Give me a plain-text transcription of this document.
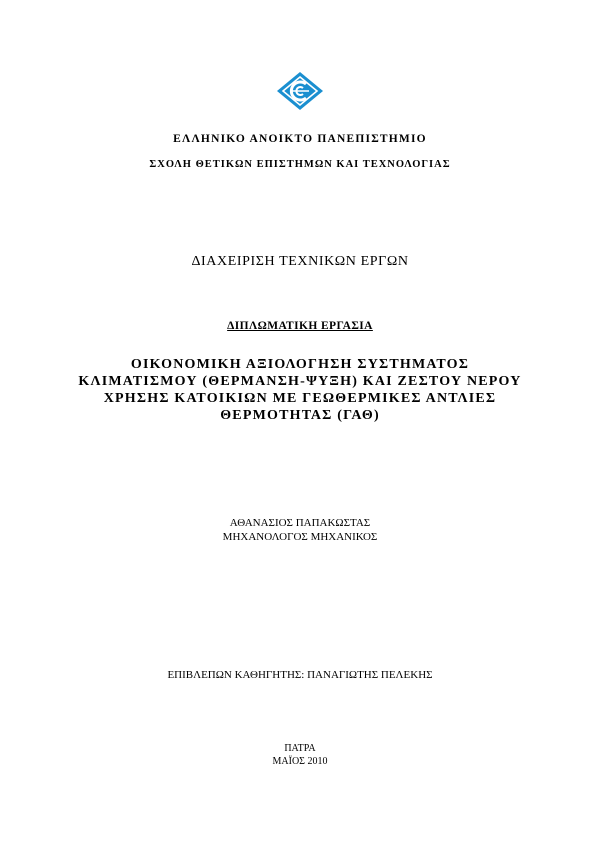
ΕΛΛΗΝΙΚΟ ΑΝΟΙΚΤΟ ΠΑΝΕΠΙΣΤΗΜΙΟ
ΣΧΟΛΗ ΘΕΤΙΚΩΝ ΕΠΙΣΤΗΜΩΝ ΚΑΙ ΤΕΧΝΟΛΟΓΙΑΣ
ΔΙΑΧΕΙΡΙΣΗ ΤΕΧΝΙΚΩΝ ΕΡΓΩΝ
ΔΙΠΛΩΜΑΤΙΚΗ ΕΡΓΑΣΙΑ
ΟΙΚΟΝΟΜΙΚΗ ΑΞΙΟΛΟΓΗΣΗ ΣΥΣΤΗΜΑΤΟΣ
ΚΛΙΜΑΤΙΣΜΟΥ (ΘΕΡΜΑΝΣΗ-ΨΥΞΗ) ΚΑΙ ΖΕΣΤΟΥ ΝΕΡΟΥ
ΧΡΗΣΗΣ ΚΑΤΟΙΚΙΩΝ ΜΕ ΓΕΩΘΕΡΜΙΚΕΣ ΑΝΤΛΙΕΣ
ΘΕΡΜΟΤΗΤΑΣ (ΓΑΘ)
ΑΘΑΝΑΣΙΟΣ ΠΑΠΑΚΩΣΤΑΣ
ΜΗΧΑΝΟΛΟΓΟΣ ΜΗΧΑΝΙΚΟΣ
ΕΠΙΒΛΕΠΩΝ ΚΑΘΗΓΗΤΗΣ: ΠΑΝΑΓΙΩΤΗΣ ΠΕΛΕΚΗΣ
ΠΑΤΡΑ
ΜΑΪΟΣ 2010
